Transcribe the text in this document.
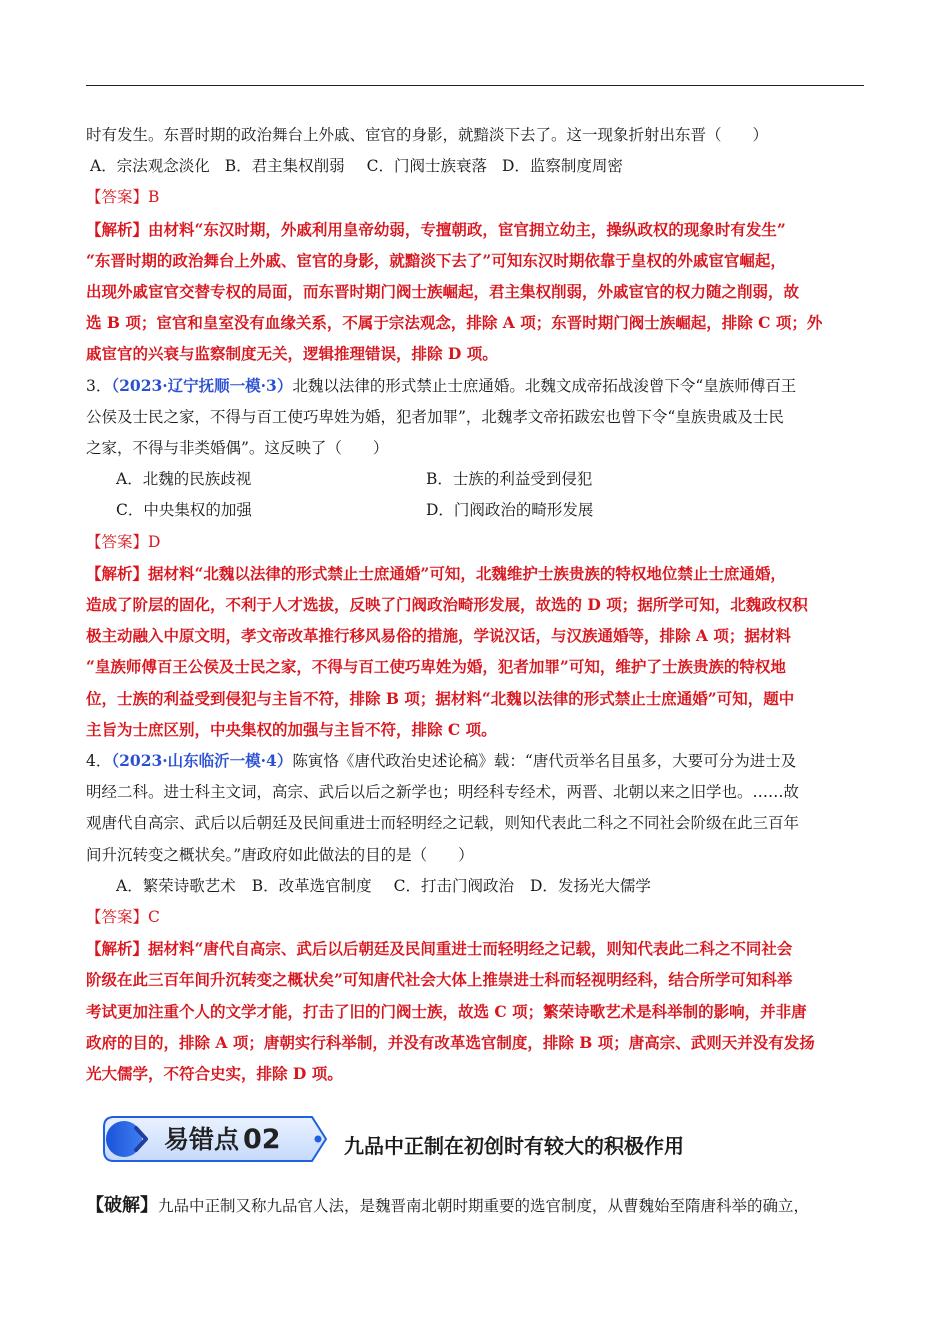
时有发生。东晋时期的政治舞台上外戚、宦官的身影，就黯淡下去了。这一现象折射出东晋（　　）
A．宗法观念淡化 B．君主集权削弱 C．门阀士族衰落 D．监察制度周密
【答案】B
【解析】由材料“东汉时期，外戚利用皇帝幼弱，专擅朝政，宦官拥立幼主，操纵政权的现象时有发生”
“东晋时期的政治舞台上外戚、宦官的身影，就黯淡下去了”可知东汉时期依靠于皇权的外戚宦官崛起，
出现外戚宦官交替专权的局面，而东晋时期门阀士族崛起，君主集权削弱，外戚宦官的权力随之削弱，故
选 B 项；宦官和皇室没有血缘关系，不属于宗法观念，排除 A 项；东晋时期门阀士族崛起，排除 C 项；外
戚宦官的兴衰与监察制度无关，逻辑推理错误，排除 D 项。
3．（2023·辽宁抚顺一模·3）北魏以法律的形式禁止士庶通婚。北魏文成帝拓战浚曾下令“皇族师傅百王
公侯及士民之家，不得与百工使巧卑姓为婚，犯者加罪”，北魏孝文帝拓跋宏也曾下令“皇族贵戚及士民
之家，不得与非类婚偶”。这反映了（　　）
A．北魏的民族歧视	B．士族的利益受到侵犯
C．中央集权的加强	D．门阀政治的畸形发展
【答案】D
【解析】据材料“北魏以法律的形式禁止士庶通婚”可知，北魏维护士族贵族的特权地位禁止士庶通婚，
造成了阶层的固化，不利于人才选拔，反映了门阀政治畸形发展，故选的 D 项；据所学可知，北魏政权积
极主动融入中原文明，孝文帝改革推行移风易俗的措施，学说汉话，与汉族通婚等，排除 A 项；据材料
“皇族师傅百王公侯及士民之家，不得与百工使巧卑姓为婚，犯者加罪”可知，维护了士族贵族的特权地
位，士族的利益受到侵犯与主旨不符，排除 B 项；据材料“北魏以法律的形式禁止士庶通婚”可知，题中
主旨为士庶区别，中央集权的加强与主旨不符，排除 C 项。
4．（2023·山东临沂一模·4）陈寅恪《唐代政治史述论稿》载：“唐代贡举名目虽多，大要可分为进士及
明经二科。进士科主文词，高宗、武后以后之新学也；明经科专经术，两晋、北朝以来之旧学也。……故
观唐代自高宗、武后以后朝廷及民间重进士而轻明经之记载，则知代表此二科之不同社会阶级在此三百年
间升沉转变之概状矣。”唐政府如此做法的目的是（　　）
A．繁荣诗歌艺术 B．改革选官制度 C．打击门阀政治 D．发扬光大儒学
【答案】C
【解析】据材料“唐代自高宗、武后以后朝廷及民间重进士而轻明经之记载，则知代表此二科之不同社会
阶级在此三百年间升沉转变之概状矣”可知唐代社会大体上推崇进士科而轻视明经科，结合所学可知科举
考试更加注重个人的文学才能，打击了旧的门阀士族，故选 C 项；繁荣诗歌艺术是科举制的影响，并非唐
政府的目的，排除 A 项；唐朝实行科举制，并没有改革选官制度，排除 B 项；唐高宗、武则天并没有发扬
光大儒学，不符合史实，排除 D 项。
易错点 02	九品中正制在初创时有较大的积极作用
【破解】九品中正制又称九品官人法，是魏晋南北朝时期重要的选官制度，从曹魏始至隋唐科举的确立，
